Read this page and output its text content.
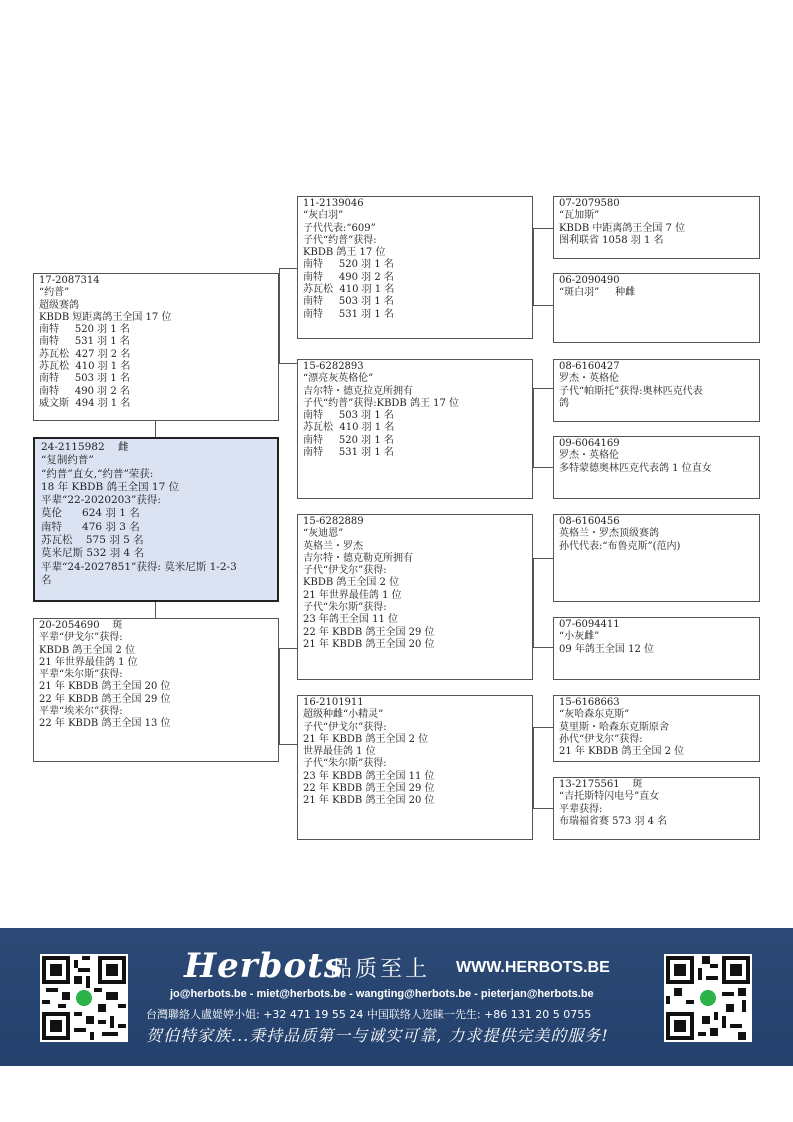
17-2087314
“约普”
超级赛鸽
KBDB 短距离鸽王全国 17 位
南特     520 羽 1 名
南特     531 羽 1 名
苏瓦松  427 羽 2 名
苏瓦松  410 羽 1 名
南特     503 羽 1 名
南特     490 羽 2 名
威文斯  494 羽 1 名
24-2115982    雌
“复制约普”
“约普”直女,“约普”荣获:
18 年 KBDB 鸽王全国 17 位
平辈“22-2020203”获得:
莫伦      624 羽 1 名
南特      476 羽 3 名
苏瓦松    575 羽 5 名
莫米尼斯 532 羽 4 名
平辈“24-2027851”获得: 莫米尼斯 1-2-3
名
20-2054690    斑
平辈“伊戈尔”获得:
KBDB 鸽王全国 2 位
21 年世界最佳鸽 1 位
平辈“朱尔斯”获得:
21 年 KBDB 鸽王全国 20 位
22 年 KBDB 鸽王全国 29 位
平辈“埃米尔”获得:
22 年 KBDB 鸽王全国 13 位
11-2139046
“灰白羽”
子代代表:“609”
子代“约普”获得:
KBDB 鸽王 17 位
南特     520 羽 1 名
南特     490 羽 2 名
苏瓦松  410 羽 1 名
南特     503 羽 1 名
南特     531 羽 1 名
15-6282893
“漂亮灰英格伦”
吉尔特・德克拉克所拥有
子代“约普”获得:KBDB 鸽王 17 位
南特     503 羽 1 名
苏瓦松  410 羽 1 名
南特     520 羽 1 名
南特     531 羽 1 名
15-6282889
“灰迪恩”
英格兰・罗杰
吉尔特・德克勒克所拥有
子代“伊戈尔”获得:
KBDB 鸽王全国 2 位
21 年世界最佳鸽 1 位
子代“朱尔斯”获得:
23 年鸽王全国 11 位
22 年 KBDB 鸽王全国 29 位
21 年 KBDB 鸽王全国 20 位
16-2101911
超级种雌“小精灵”
子代“伊戈尔”获得:
21 年 KBDB 鸽王全国 2 位
世界最佳鸽 1 位
子代“朱尔斯”获得:
23 年 KBDB 鸽王全国 11 位
22 年 KBDB 鸽王全国 29 位
21 年 KBDB 鸽王全国 20 位
07-2079580
“瓦加斯”
KBDB 中距离鸽王全国 7 位
图利联省 1058 羽 1 名
06-2090490
“斑白羽”     种雌
08-6160427
罗杰・英格伦
子代“帕斯托”获得:奥林匹克代表
鸽
09-6064169
罗杰・英格伦
多特蒙德奥林匹克代表鸽 1 位直女
08-6160456
英格兰・罗杰顶级赛鸽
孙代代表:“布鲁克斯”(范内)
07-6094411
“小灰雌”
09 年鸽王全国 12 位
15-6168663
“灰哈森东克斯”
莫里斯・哈森东克斯原舍
孙代“伊戈尔”获得:
21 年 KBDB 鸽王全国 2 位
13-2175561    斑
“吉托斯特闪电号”直女
平辈获得:
布瑞福省赛 573 羽 4 名
Herbots
品质至上 WWW.HERBOTS.BE
jo@herbots.be - miet@herbots.be - wangting@herbots.be - pieterjan@herbots.be
台灣聯絡人盧媞婷小姐: +32 471 19 55 24 中国联络人迩睐一先生: +86 131 20 5 0755
贺伯特家族...秉持品质第一与诚实可靠, 力求提供完美的服务!
